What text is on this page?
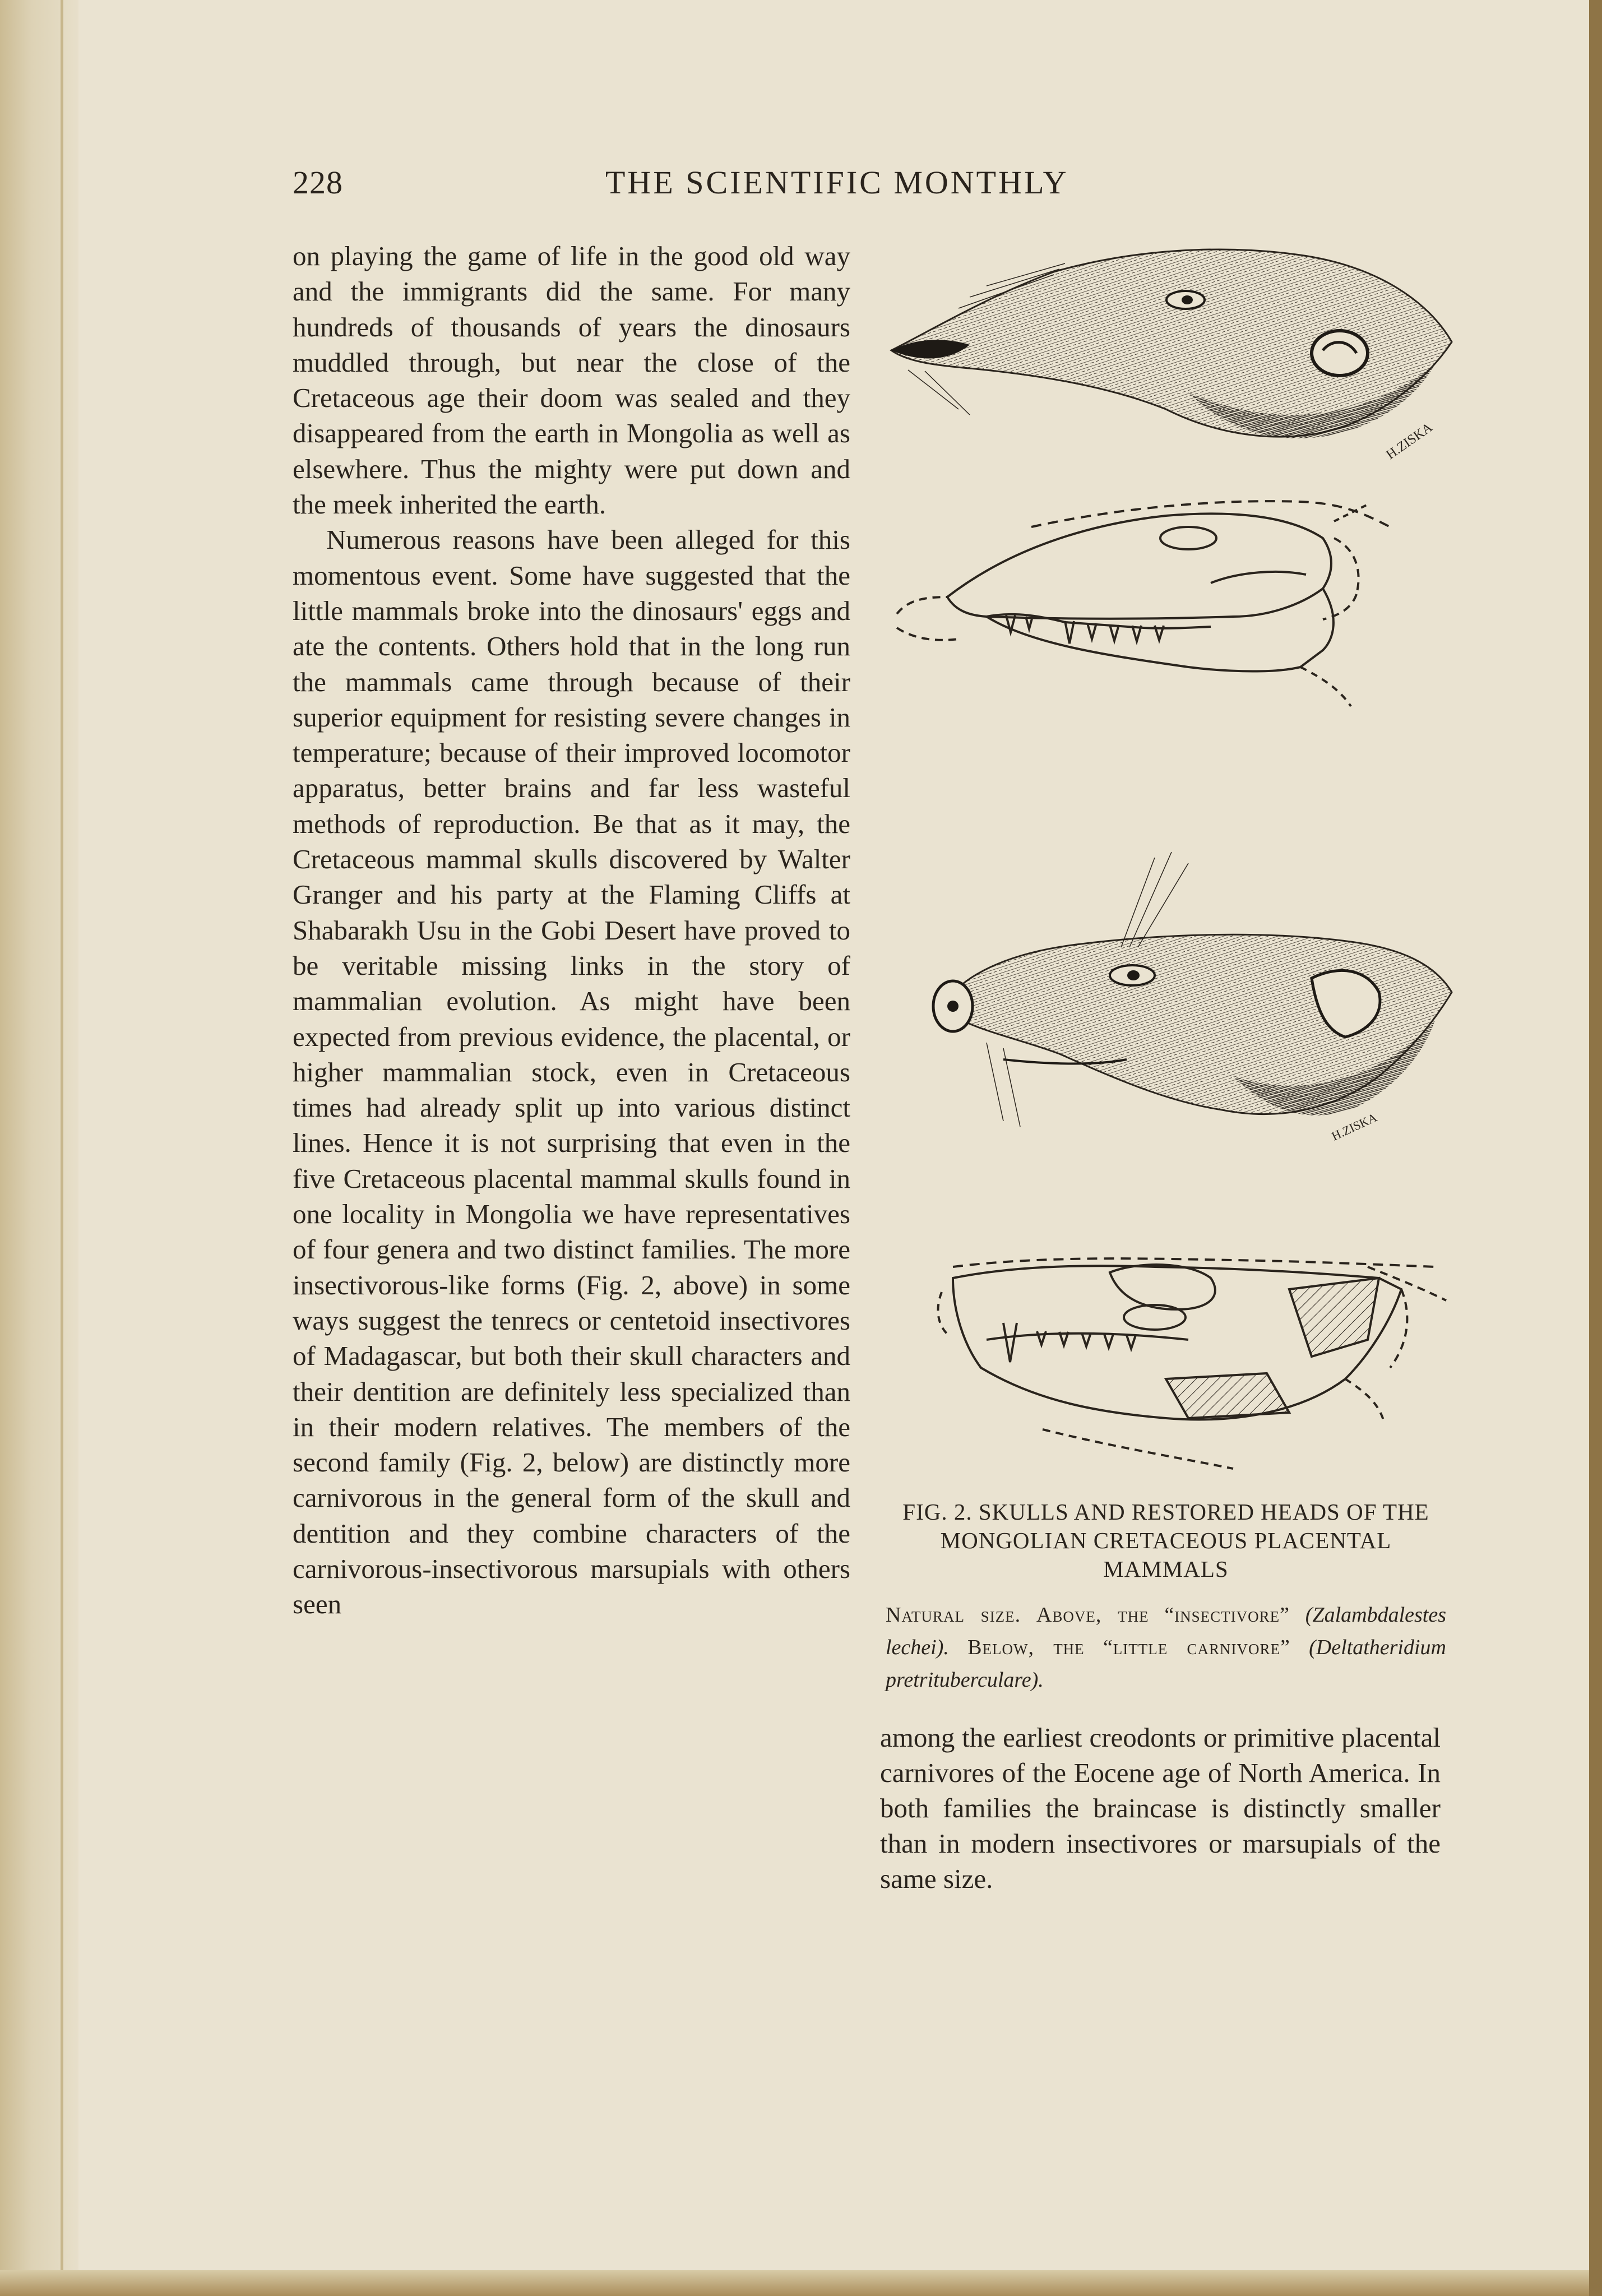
228	THE SCIENTIFIC MONTHLY

on playing the game of life in the good old way and the immigrants did the same. For many hundreds of thousands of years the dinosaurs muddled through, but near the close of the Cretaceous age their doom was sealed and they disappeared from the earth in Mongolia as well as elsewhere. Thus the mighty were put down and the meek inherited the earth.

Numerous reasons have been alleged for this momentous event. Some have suggested that the little mammals broke into the dinosaurs' eggs and ate the contents. Others hold that in the long run the mammals came through because of their superior equipment for resisting severe changes in temperature; because of their improved locomotor apparatus, better brains and far less wasteful methods of reproduction. Be that as it may, the Cretaceous mammal skulls discovered by Walter Granger and his party at the Flaming Cliffs at Shabarakh Usu in the Gobi Desert have proved to be veritable missing links in the story of mammalian evolution. As might have been expected from previous evidence, the placental, or higher mammalian stock, even in Cretaceous times had already split up into various distinct lines. Hence it is not surprising that even in the five Cretaceous placental mammal skulls found in one locality in Mongolia we have representatives of four genera and two distinct families. The more insectivorous-like forms (Fig. 2, above) in some ways suggest the tenrecs or centetoid insectivores of Madagascar, but both their skull characters and their dentition are definitely less specialized than in their modern relatives. The members of the second family (Fig. 2, below) are distinctly more carnivorous in the general form of the skull and dentition and they combine characters of the carnivorous-insectivorous marsupials with others seen

H.ZISKA
H.ZISKA
FIG. 2. SKULLS AND RESTORED HEADS OF THE MONGOLIAN CRETACEOUS PLACENTAL MAMMALS
Natural size. Above, the “insectivore” (Zalambdalestes lechei). Below, the “little carnivore” (Deltatheridium pretrituberculare).
among the earliest creodonts or primitive placental carnivores of the Eocene age of North America. In both families the braincase is distinctly smaller than in modern insectivores or marsupials of the same size.
